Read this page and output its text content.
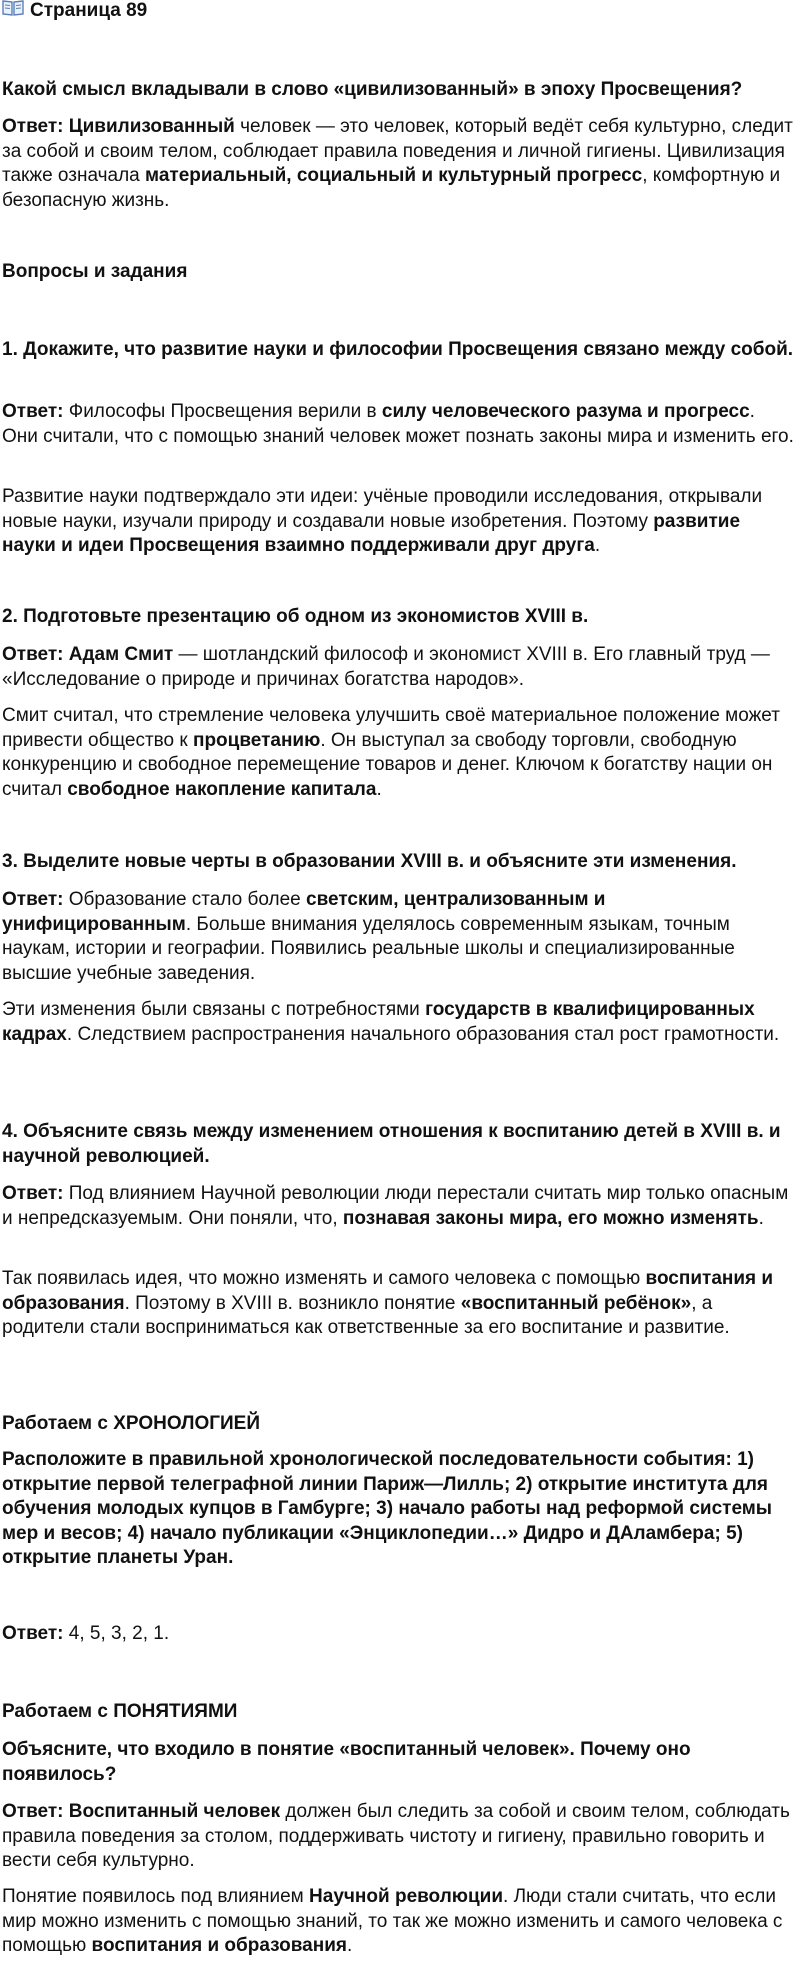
Страница 89

Какой смысл вкладывали в слово «цивилизованный» в эпоху Просвещения?

Ответ: Цивилизованный человек — это человек, который ведёт себя культурно, следит за собой и своим телом, соблюдает правила поведения и личной гигиены. Цивилизация также означала материальный, социальный и культурный прогресс, комфортную и безопасную жизнь.

Вопросы и задания

1. Докажите, что развитие науки и философии Просвещения связано между собой.

Ответ: Философы Просвещения верили в силу человеческого разума и прогресс. Они считали, что с помощью знаний человек может познать законы мира и изменить его.

Развитие науки подтверждало эти идеи: учёные проводили исследования, открывали новые науки, изучали природу и создавали новые изобретения. Поэтому развитие науки и идеи Просвещения взаимно поддерживали друг друга.

2. Подготовьте презентацию об одном из экономистов XVIII в.

Ответ: Адам Смит — шотландский философ и экономист XVIII в. Его главный труд — «Исследование о природе и причинах богатства народов».

Смит считал, что стремление человека улучшить своё материальное положение может привести общество к процветанию. Он выступал за свободу торговли, свободную конкуренцию и свободное перемещение товаров и денег. Ключом к богатству нации он считал свободное накопление капитала.

3. Выделите новые черты в образовании XVIII в. и объясните эти изменения.

Ответ: Образование стало более светским, централизованным и унифицированным. Больше внимания уделялось современным языкам, точным наукам, истории и географии. Появились реальные школы и специализированные высшие учебные заведения.

Эти изменения были связаны с потребностями государств в квалифицированных кадрах. Следствием распространения начального образования стал рост грамотности.

4. Объясните связь между изменением отношения к воспитанию детей в XVIII в. и научной революцией.

Ответ: Под влиянием Научной революции люди перестали считать мир только опасным и непредсказуемым. Они поняли, что, познавая законы мира, его можно изменять.

Так появилась идея, что можно изменять и самого человека с помощью воспитания и образования. Поэтому в XVIII в. возникло понятие «воспитанный ребёнок», а родители стали восприниматься как ответственные за его воспитание и развитие.

Работаем с ХРОНОЛОГИЕЙ

Расположите в правильной хронологической последовательности события: 1) открытие первой телеграфной линии Париж—Лилль; 2) открытие института для обучения молодых купцов в Гамбурге; 3) начало работы над реформой системы мер и весов; 4) начало публикации «Энциклопедии…» Дидро и ДАламбера; 5) открытие планеты Уран.

Ответ: 4, 5, 3, 2, 1.

Работаем с ПОНЯТИЯМИ

Объясните, что входило в понятие «воспитанный человек». Почему оно появилось?

Ответ: Воспитанный человек должен был следить за собой и своим телом, соблюдать правила поведения за столом, поддерживать чистоту и гигиену, правильно говорить и вести себя культурно.

Понятие появилось под влиянием Научной революции. Люди стали считать, что если мир можно изменить с помощью знаний, то так же можно изменить и самого человека с помощью воспитания и образования.
